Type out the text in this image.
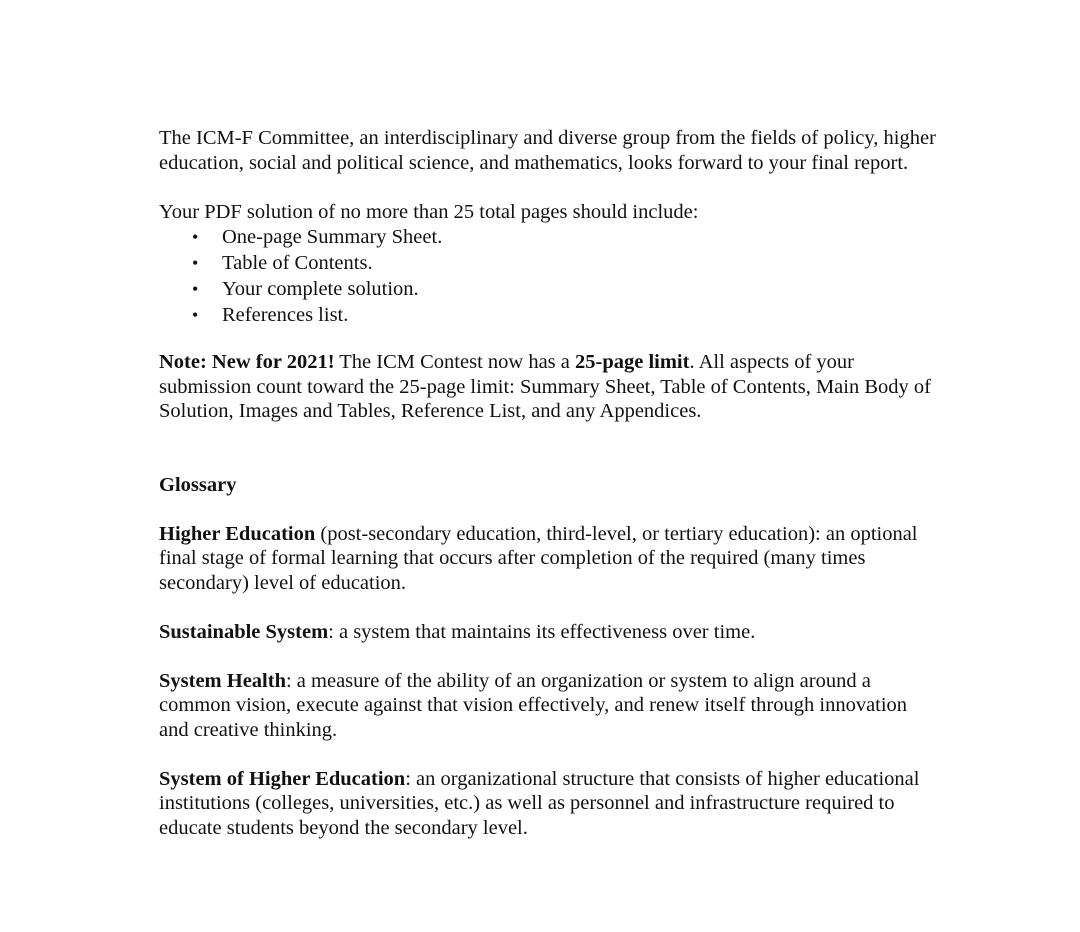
The ICM-F Committee, an interdisciplinary and diverse group from the fields of policy, higher education, social and political science, and mathematics, looks forward to your final report.

Your PDF solution of no more than 25 total pages should include:

• One-page Summary Sheet.
• Table of Contents.
• Your complete solution.
• References list.

Note: New for 2021! The ICM Contest now has a 25-page limit. All aspects of your submission count toward the 25-page limit: Summary Sheet, Table of Contents, Main Body of Solution, Images and Tables, Reference List, and any Appendices.

Glossary

Higher Education (post-secondary education, third-level, or tertiary education): an optional final stage of formal learning that occurs after completion of the required (many times secondary) level of education.

Sustainable System: a system that maintains its effectiveness over time.

System Health: a measure of the ability of an organization or system to align around a common vision, execute against that vision effectively, and renew itself through innovation and creative thinking.

System of Higher Education: an organizational structure that consists of higher educational institutions (colleges, universities, etc.) as well as personnel and infrastructure required to educate students beyond the secondary level.
